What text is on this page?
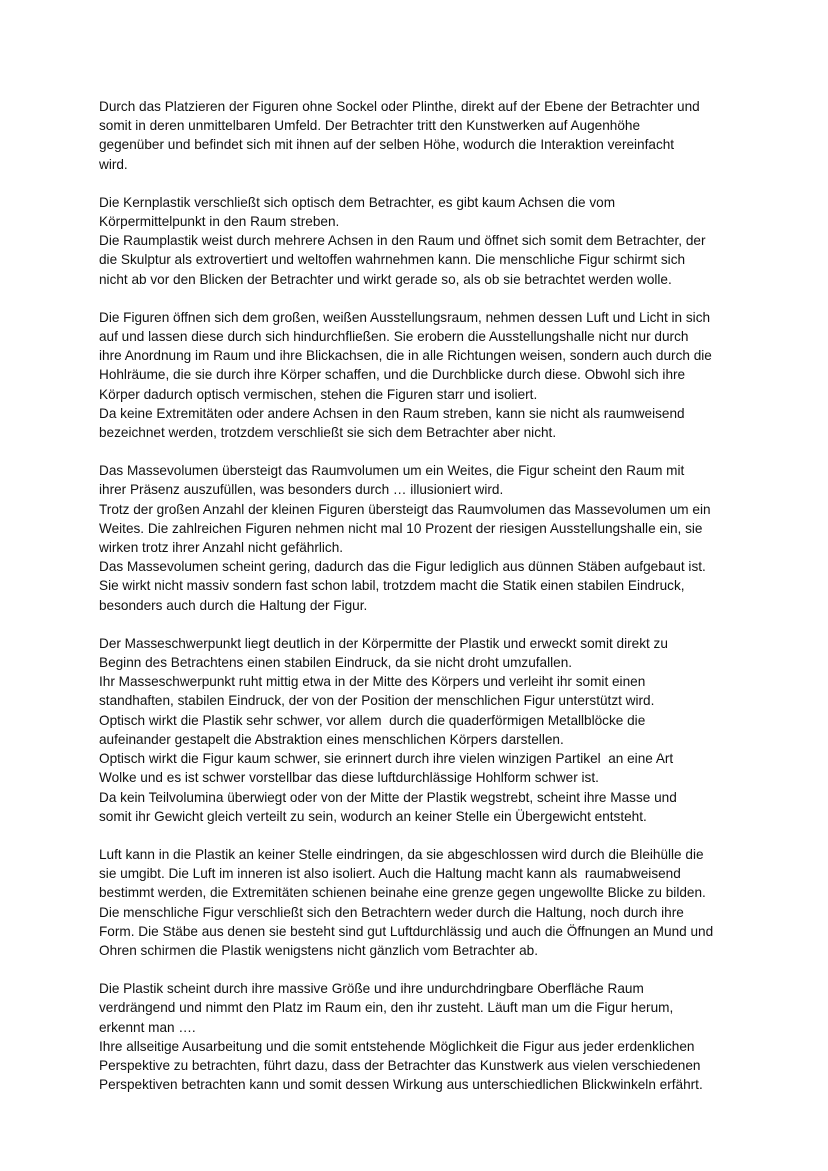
Durch das Platzieren der Figuren ohne Sockel oder Plinthe, direkt auf der Ebene der Betrachter und
somit in deren unmittelbaren Umfeld. Der Betrachter tritt den Kunstwerken auf Augenhöhe
gegenüber und befindet sich mit ihnen auf der selben Höhe, wodurch die Interaktion vereinfacht
wird.
Die Kernplastik verschließt sich optisch dem Betrachter, es gibt kaum Achsen die vom
Körpermittelpunkt in den Raum streben.
Die Raumplastik weist durch mehrere Achsen in den Raum und öffnet sich somit dem Betrachter, der
die Skulptur als extrovertiert und weltoffen wahrnehmen kann. Die menschliche Figur schirmt sich
nicht ab vor den Blicken der Betrachter und wirkt gerade so, als ob sie betrachtet werden wolle.
Die Figuren öffnen sich dem großen, weißen Ausstellungsraum, nehmen dessen Luft und Licht in sich
auf und lassen diese durch sich hindurchfließen. Sie erobern die Ausstellungshalle nicht nur durch
ihre Anordnung im Raum und ihre Blickachsen, die in alle Richtungen weisen, sondern auch durch die
Hohlräume, die sie durch ihre Körper schaffen, und die Durchblicke durch diese. Obwohl sich ihre
Körper dadurch optisch vermischen, stehen die Figuren starr und isoliert.
Da keine Extremitäten oder andere Achsen in den Raum streben, kann sie nicht als raumweisend
bezeichnet werden, trotzdem verschließt sie sich dem Betrachter aber nicht.
Das Massevolumen übersteigt das Raumvolumen um ein Weites, die Figur scheint den Raum mit
ihrer Präsenz auszufüllen, was besonders durch … illusioniert wird.
Trotz der großen Anzahl der kleinen Figuren übersteigt das Raumvolumen das Massevolumen um ein
Weites. Die zahlreichen Figuren nehmen nicht mal 10 Prozent der riesigen Ausstellungshalle ein, sie
wirken trotz ihrer Anzahl nicht gefährlich.
Das Massevolumen scheint gering, dadurch das die Figur lediglich aus dünnen Stäben aufgebaut ist.
Sie wirkt nicht massiv sondern fast schon labil, trotzdem macht die Statik einen stabilen Eindruck,
besonders auch durch die Haltung der Figur.
Der Masseschwerpunkt liegt deutlich in der Körpermitte der Plastik und erweckt somit direkt zu
Beginn des Betrachtens einen stabilen Eindruck, da sie nicht droht umzufallen.
Ihr Masseschwerpunkt ruht mittig etwa in der Mitte des Körpers und verleiht ihr somit einen
standhaften, stabilen Eindruck, der von der Position der menschlichen Figur unterstützt wird.
Optisch wirkt die Plastik sehr schwer, vor allem  durch die quaderförmigen Metallblöcke die
aufeinander gestapelt die Abstraktion eines menschlichen Körpers darstellen.
Optisch wirkt die Figur kaum schwer, sie erinnert durch ihre vielen winzigen Partikel  an eine Art
Wolke und es ist schwer vorstellbar das diese luftdurchlässige Hohlform schwer ist.
Da kein Teilvolumina überwiegt oder von der Mitte der Plastik wegstrebt, scheint ihre Masse und
somit ihr Gewicht gleich verteilt zu sein, wodurch an keiner Stelle ein Übergewicht entsteht.
Luft kann in die Plastik an keiner Stelle eindringen, da sie abgeschlossen wird durch die Bleihülle die
sie umgibt. Die Luft im inneren ist also isoliert. Auch die Haltung macht kann als  raumabweisend
bestimmt werden, die Extremitäten schienen beinahe eine grenze gegen ungewollte Blicke zu bilden.
Die menschliche Figur verschließt sich den Betrachtern weder durch die Haltung, noch durch ihre
Form. Die Stäbe aus denen sie besteht sind gut Luftdurchlässig und auch die Öffnungen an Mund und
Ohren schirmen die Plastik wenigstens nicht gänzlich vom Betrachter ab.
Die Plastik scheint durch ihre massive Größe und ihre undurchdringbare Oberfläche Raum
verdrängend und nimmt den Platz im Raum ein, den ihr zusteht. Läuft man um die Figur herum,
erkennt man ….
Ihre allseitige Ausarbeitung und die somit entstehende Möglichkeit die Figur aus jeder erdenklichen
Perspektive zu betrachten, führt dazu, dass der Betrachter das Kunstwerk aus vielen verschiedenen
Perspektiven betrachten kann und somit dessen Wirkung aus unterschiedlichen Blickwinkeln erfährt.
